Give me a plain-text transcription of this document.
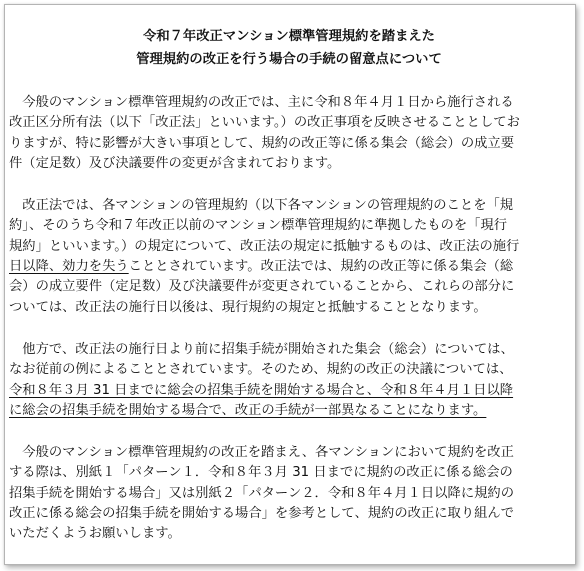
令和７年改正マンション標準管理規約を踏まえた
管理規約の改正を行う場合の手続の留意点について

　今般のマンション標準管理規約の改正では、主に令和８年４月１日から施行される
改正区分所有法（以下「改正法」といいます。）の改正事項を反映させることとしてお
りますが、特に影響が大きい事項として、規約の改正等に係る集会（総会）の成立要
件（定足数）及び決議要件の変更が含まれております。

　改正法では、各マンションの管理規約（以下各マンションの管理規約のことを「規
約」、そのうち令和７年改正以前のマンション標準管理規約に準拠したものを「現行
規約」といいます。）の規定について、改正法の規定に抵触するものは、改正法の施行
日以降、効力を失うこととされています。改正法では、規約の改正等に係る集会（総
会）の成立要件（定足数）及び決議要件が変更されていることから、これらの部分に
ついては、改正法の施行日以後は、現行規約の規定と抵触することとなります。

　他方で、改正法の施行日より前に招集手続が開始された集会（総会）については、
なお従前の例によることとされています。そのため、規約の改正の決議については、
令和８年３月 31 日までに総会の招集手続を開始する場合と、令和８年４月１日以降
に総会の招集手続を開始する場合で、改正の手続が一部異なることになります。

　今般のマンション標準管理規約の改正を踏まえ、各マンションにおいて規約を改正
する際は、別紙１「パターン１．令和８年３月 31 日までに規約の改正に係る総会の
招集手続を開始する場合」又は別紙２「パターン２．令和８年４月１日以降に規約の
改正に係る総会の招集手続を開始する場合」を参考として、規約の改正に取り組んで
いただくようお願いします。
